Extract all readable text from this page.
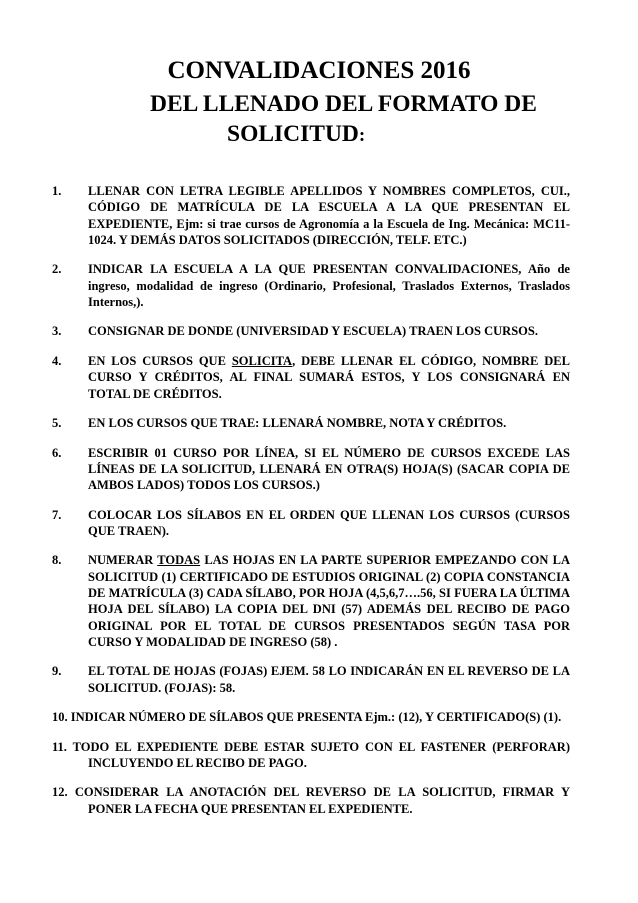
CONVALIDACIONES 2016
DEL LLENADO DEL FORMATO DE
SOLICITUD:
1.	LLENAR CON LETRA LEGIBLE APELLIDOS Y NOMBRES COMPLETOS, CUI., CÓDIGO DE MATRÍCULA DE LA ESCUELA A LA QUE PRESENTAN EL EXPEDIENTE, Ejm: si trae cursos de Agronomía a la Escuela de Ing. Mecánica: MC11-1024. Y DEMÁS DATOS SOLICITADOS (DIRECCIÓN, TELF. ETC.)
2.	INDICAR LA ESCUELA A LA QUE PRESENTAN CONVALIDACIONES, Año de ingreso, modalidad de ingreso (Ordinario, Profesional, Traslados Externos, Traslados Internos,).
3.	CONSIGNAR DE DONDE (UNIVERSIDAD Y ESCUELA) TRAEN LOS CURSOS.
4.	EN LOS CURSOS QUE SOLICITA, DEBE LLENAR EL CÓDIGO, NOMBRE DEL CURSO Y CRÉDITOS, AL FINAL SUMARÁ ESTOS, Y LOS CONSIGNARÁ EN TOTAL DE CRÉDITOS.
5.	EN LOS CURSOS QUE TRAE: LLENARÁ NOMBRE, NOTA Y CRÉDITOS.
6.	ESCRIBIR 01 CURSO POR LÍNEA, SI EL NÚMERO DE CURSOS EXCEDE LAS LÍNEAS DE LA SOLICITUD, LLENARÁ EN OTRA(S) HOJA(S) (SACAR COPIA DE AMBOS LADOS) TODOS LOS CURSOS.)
7.	COLOCAR LOS SÍLABOS EN EL ORDEN QUE LLENAN LOS CURSOS (CURSOS QUE TRAEN).
8.	NUMERAR TODAS LAS HOJAS EN LA PARTE SUPERIOR EMPEZANDO CON LA SOLICITUD (1) CERTIFICADO DE ESTUDIOS ORIGINAL (2) COPIA CONSTANCIA DE MATRÍCULA (3) CADA SÍLABO, POR HOJA (4,5,6,7….56, SI FUERA LA ÚLTIMA HOJA DEL SÍLABO) LA COPIA DEL DNI (57) ADEMÁS DEL RECIBO DE PAGO ORIGINAL POR EL TOTAL DE CURSOS PRESENTADOS SEGÚN TASA POR CURSO Y MODALIDAD DE INGRESO (58) .
9.	EL TOTAL DE HOJAS (FOJAS) EJEM. 58 LO INDICARÁN EN EL REVERSO DE LA SOLICITUD. (FOJAS): 58.
10. INDICAR NÚMERO DE SÍLABOS QUE PRESENTA Ejm.: (12), Y CERTIFICADO(S) (1).
11. TODO EL EXPEDIENTE DEBE ESTAR SUJETO CON EL FASTENER (PERFORAR) INCLUYENDO EL RECIBO DE PAGO.
12. CONSIDERAR LA ANOTACIÓN DEL REVERSO DE LA SOLICITUD, FIRMAR Y PONER LA FECHA QUE PRESENTAN EL EXPEDIENTE.
